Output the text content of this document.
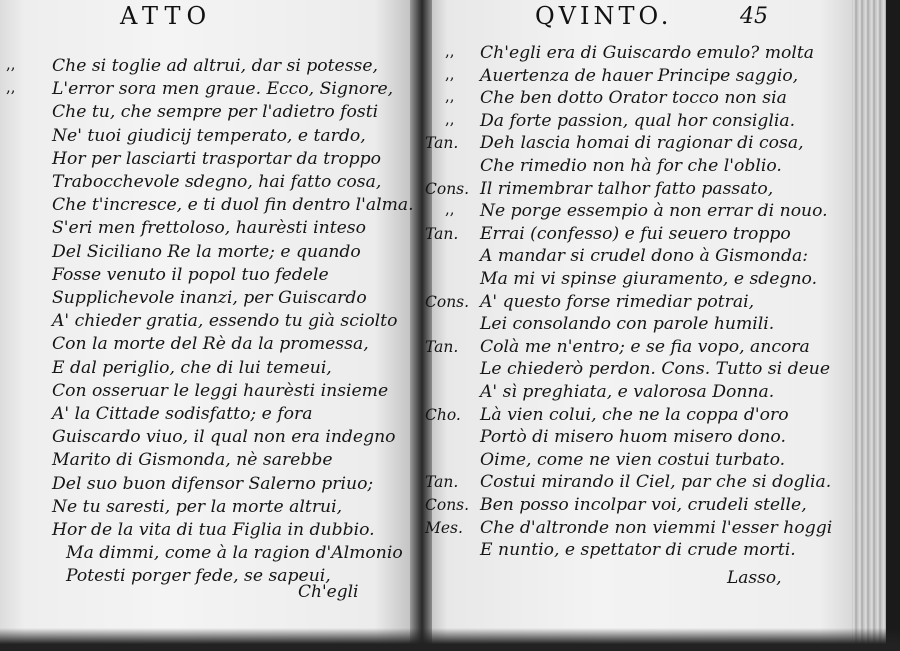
ATTO	QVINTO.	45
,, Che si toglie ad altrui, dar si potesse,
,, L'error sora men graue. Ecco, Signore,
Che tu, che sempre per l'adietro fosti
Ne' tuoi giudicij temperato, e tardo,
Hor per lasciarti trasportar da troppo
Trabocchevole sdegno, hai fatto cosa,
Che t'incresce, e ti duol fin dentro l'alma.
S'eri men frettoloso, haurèsti inteso
Del Siciliano Re la morte; e quando
Fosse venuto il popol tuo fedele
Supplichevole inanzi, per Guiscardo
A' chieder gratia, essendo tu già sciolto
Con la morte del Rè da la promessa,
E dal periglio, che di lui temeui,
Con osseruar le leggi haurèsti insieme
A' la Cittade sodisfatto; e fora
Guiscardo viuo, il qual non era indegno
Marito di Gismonda, nè sarebbe
Del suo buon difensor Salerno priuo;
Ne tu saresti, per la morte altrui,
Hor de la vita di tua Figlia in dubbio.
Ma dimmi, come à la ragion d'Almonio
Potesti porger fede, se sapeui,
,, Ch'egli era di Guiscardo emulo? molta
,, Auertenza de hauer Principe saggio,
,, Che ben dotto Orator tocco non sia
,, Da forte passion, qual hor consiglia.
Tan. Deh lascia homai di ragionar di cosa,
Che rimedio non hà for che l'oblio.
Cons. Il rimembrar talhor fatto passato,
,, Ne porge essempio à non errar di nouo.
Tan. Errai (confesso) e fui seuero troppo
A mandar si crudel dono à Gismonda:
Ma mi vi spinse giuramento, e sdegno.
Cons. A' questo forse rimediar potrai,
Lei consolando con parole humili.
Tan. Colà me n'entro; e se fia vopo, ancora
Le chiederò perdon. Cons. Tutto si deue
A' sì preghiata, e valorosa Donna.
Cho. Là vien colui, che ne la coppa d'oro
Portò di misero huom misero dono.
Oime, come ne vien costui turbato.
Tan. Costui mirando il Ciel, par che si doglia.
Cons. Ben posso incolpar voi, crudeli stelle,
Mes. Che d'altronde non viemmi l'esser hoggi
E nuntio, e spettator di crude morti.
Ch'egli
Lasso,
